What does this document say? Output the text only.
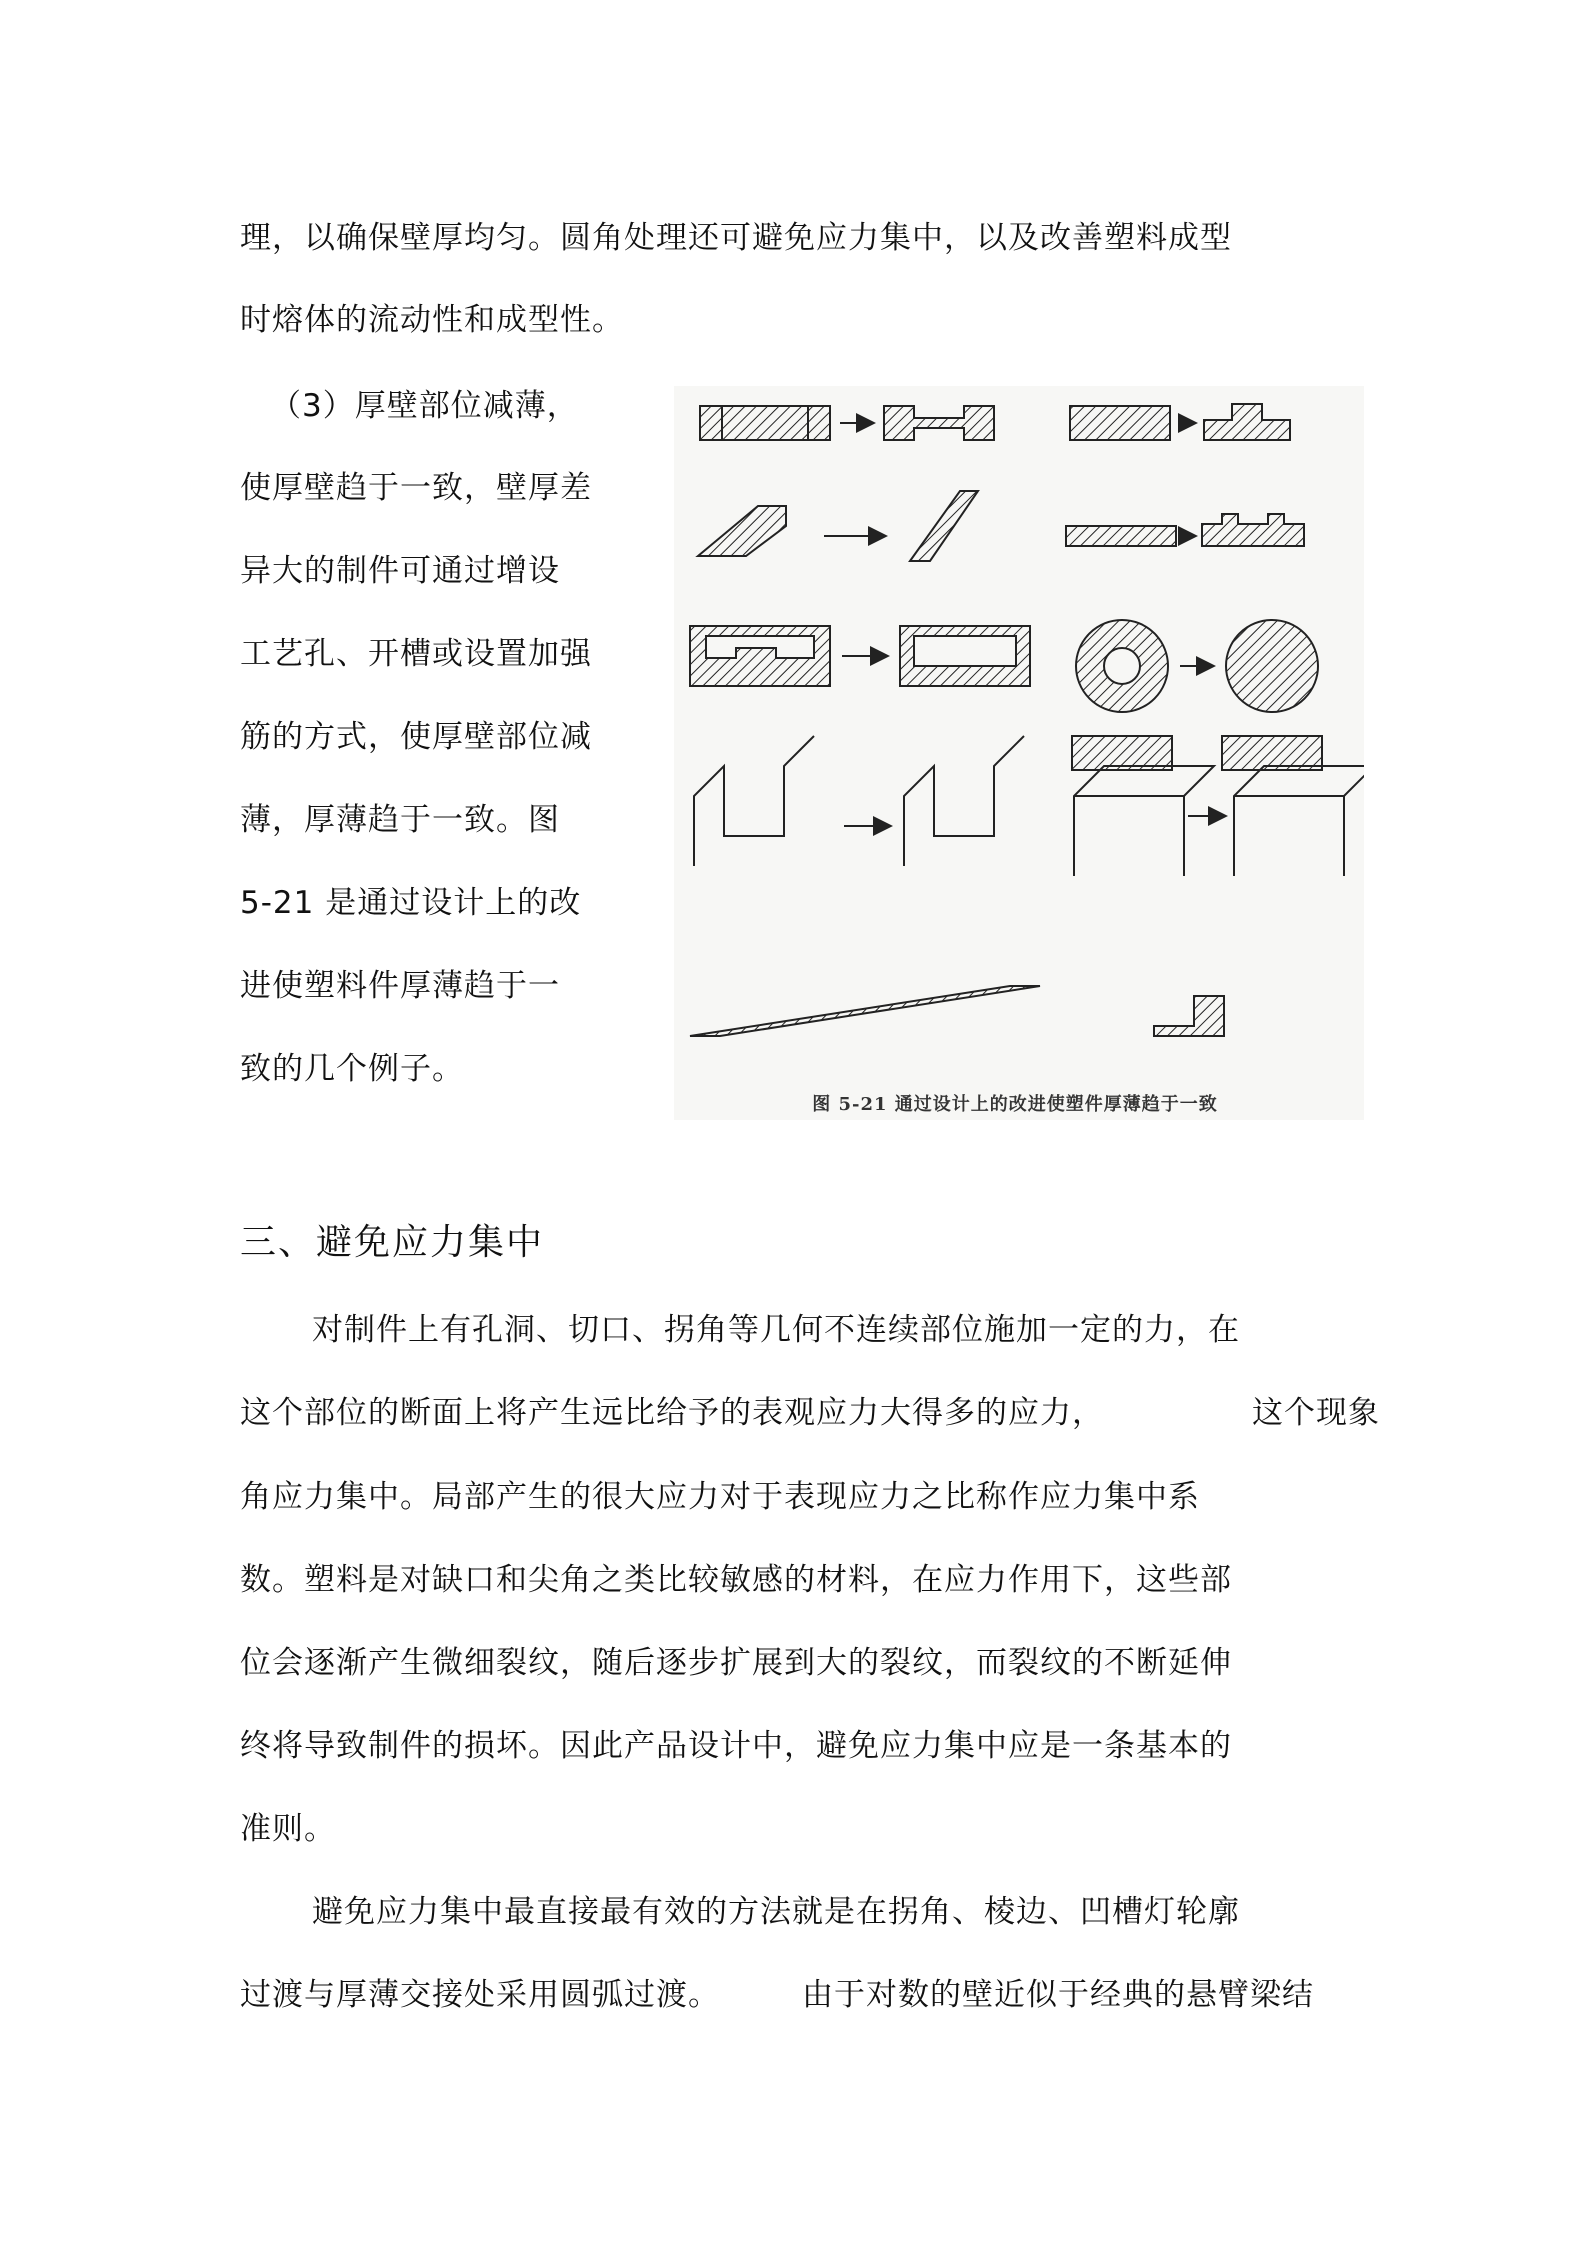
理，以确保壁厚均匀。圆角处理还可避免应力集中，以及改善塑料成型
时熔体的流动性和成型性。
（3）厚壁部位减薄，
使厚壁趋于一致，壁厚差
异大的制件可通过增设
工艺孔、开槽或设置加强
筋的方式，使厚壁部位减
薄，厚薄趋于一致。图
5-21 是通过设计上的改
进使塑料件厚薄趋于一
致的几个例子。
图 5-21 通过设计上的改进使塑件厚薄趋于一致
三、避免应力集中
对制件上有孔洞、切口、拐角等几何不连续部位施加一定的力，在
这个部位的断面上将产生远比给予的表观应力大得多的应力，	这个现象
角应力集中。局部产生的很大应力对于表现应力之比称作应力集中系
数。塑料是对缺口和尖角之类比较敏感的材料，在应力作用下，这些部
位会逐渐产生微细裂纹，随后逐步扩展到大的裂纹，而裂纹的不断延伸
终将导致制件的损坏。因此产品设计中，避免应力集中应是一条基本的
准则。
避免应力集中最直接最有效的方法就是在拐角、棱边、凹槽灯轮廓
过渡与厚薄交接处采用圆弧过渡。	由于对数的壁近似于经典的悬臂梁结
